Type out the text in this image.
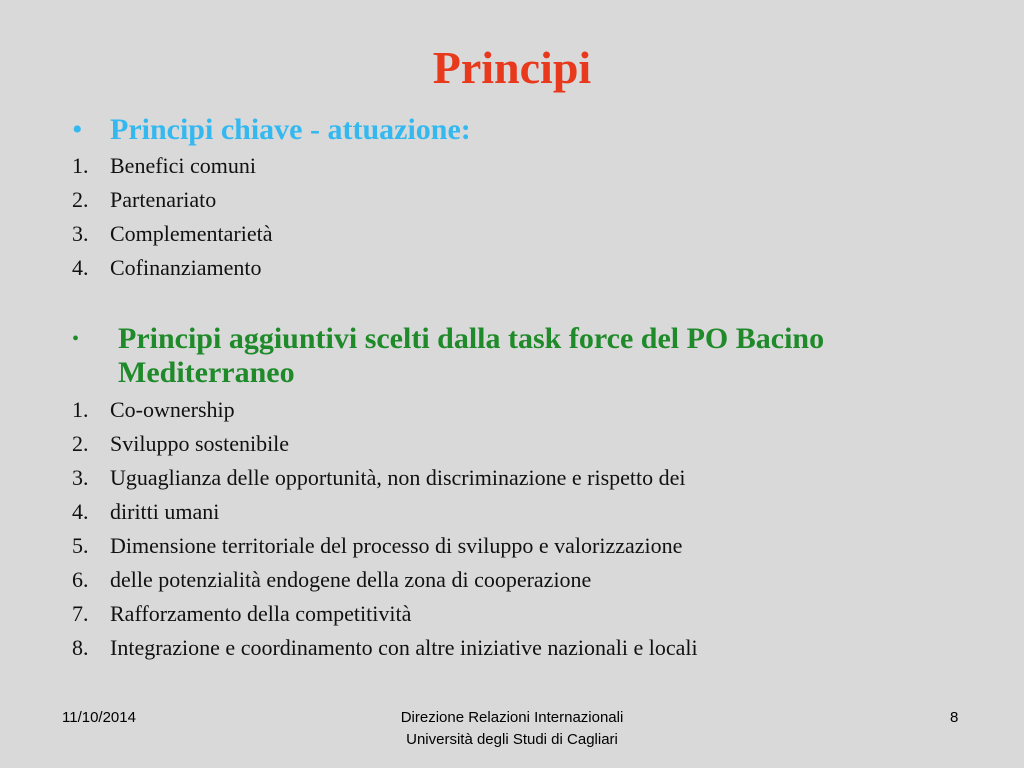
Principi
• Principi chiave - attuazione:
1. Benefici comuni
2. Partenariato
3. Complementarietà
4. Cofinanziamento
•	Principi aggiuntivi scelti dalla task force del PO Bacino Mediterraneo
1. Co-ownership
2. Sviluppo sostenibile
3. Uguaglianza delle opportunità, non discriminazione e rispetto dei
4. diritti umani
5. Dimensione territoriale del processo di sviluppo e valorizzazione
6. delle potenzialità endogene della zona di cooperazione
7. Rafforzamento della competitività
8. Integrazione e coordinamento con altre iniziative nazionali e locali
11/10/2014	Direzione Relazioni Internazionali
Università degli Studi di Cagliari
8
